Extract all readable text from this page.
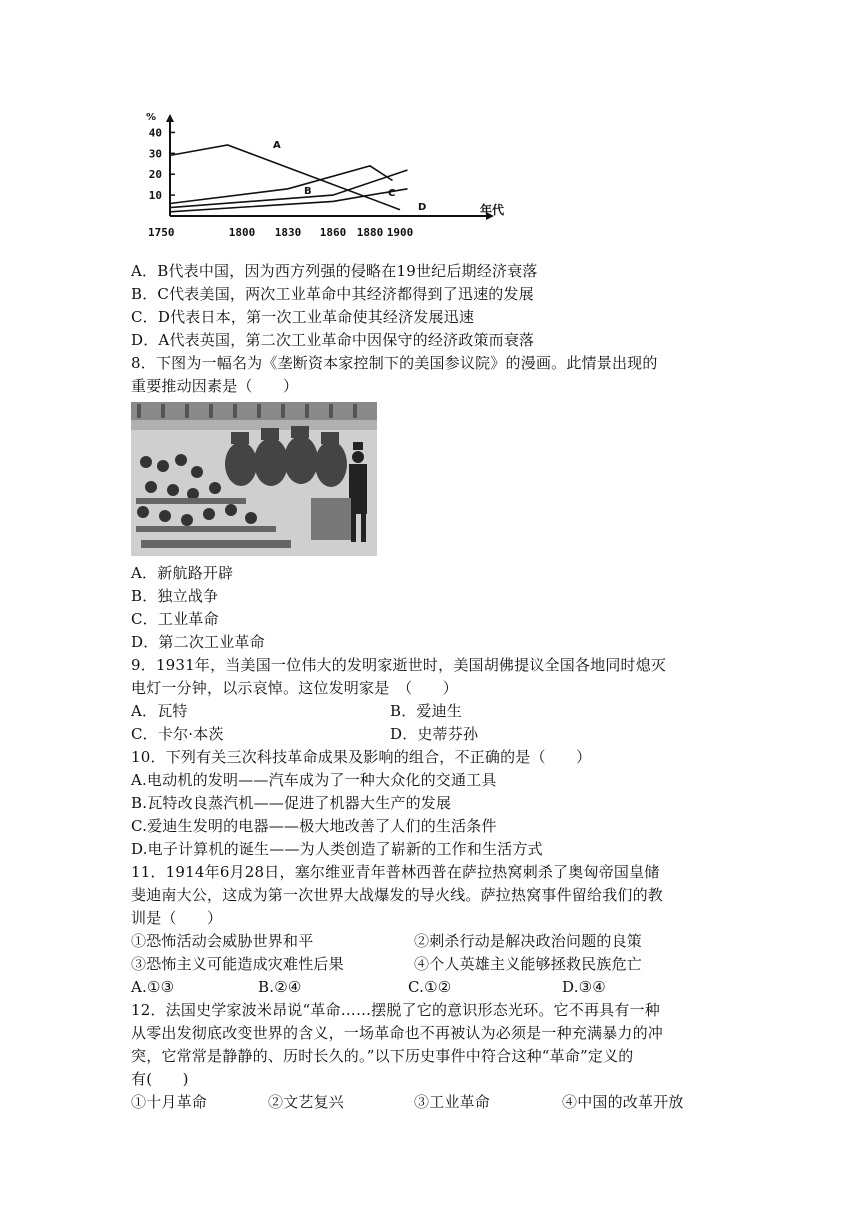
10
20
30
40
%
1750	1800 1830 1860 1880 1900
年代
A
B	C
D
A．B代表中国，因为西方列强的侵略在19世纪后期经济衰落
B．C代表美国，两次工业革命中其经济都得到了迅速的发展
C．D代表日本，第一次工业革命使其经济发展迅速
D．A代表英国，第二次工业革命中因保守的经济政策而衰落
8．下图为一幅名为《垄断资本家控制下的美国参议院》的漫画。此情景出现的
重要推动因素是（　　）
A．新航路开辟
B．独立战争
C．工业革命
D．第二次工业革命
9．1931年，当美国一位伟大的发明家逝世时，美国胡佛提议全国各地同时熄灭
电灯一分钟，以示哀悼。这位发明家是　（　　）
A．瓦特	B．爱迪生
C．卡尔·本茨	D．史蒂芬孙
10．下列有关三次科技革命成果及影响的组合，不正确的是（　　）
A.电动机的发明——汽车成为了一种大众化的交通工具
B.瓦特改良蒸汽机——促进了机器大生产的发展
C.爱迪生发明的电器——极大地改善了人们的生活条件
D.电子计算机的诞生——为人类创造了崭新的工作和生活方式
11．1914年6月28日，塞尔维亚青年普林西普在萨拉热窝刺杀了奥匈帝国皇储
斐迪南大公，这成为第一次世界大战爆发的导火线。萨拉热窝事件留给我们的教
训是（　　）
①恐怖活动会威胁世界和平	②刺杀行动是解决政治问题的良策
③恐怖主义可能造成灾难性后果	④个人英雄主义能够拯救民族危亡
A.①③	B.②④	C.①②	D.③④
12．法国史学家波米昂说“革命……摆脱了它的意识形态光环。它不再具有一种
从零出发彻底改变世界的含义，一场革命也不再被认为必须是一种充满暴力的冲
突，它常常是静静的、历时长久的。”以下历史事件中符合这种“革命”定义的
有(　　)
①十月革命	②文艺复兴	③工业革命	④中国的改革开放
